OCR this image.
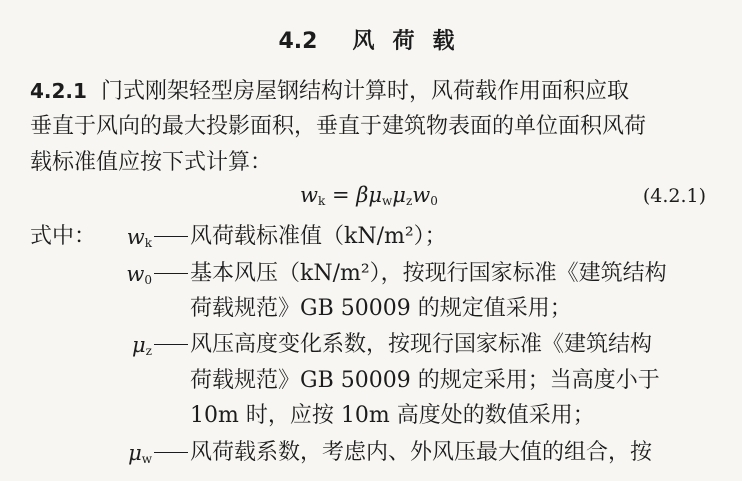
4.2 风 荷 载
4.2.1 门式刚架轻型房屋钢结构计算时，风荷载作用面积应取
垂直于风向的最大投影面积，垂直于建筑物表面的单位面积风荷
载标准值应按下式计算：
$w_k = \beta\mu_w\mu_zw_0$	(4.2.1)
式中：	$w_k$	风荷载标准值（kN/m²）；
$w_0$	基本风压（kN/m²），按现行国家标准《建筑结构
荷载规范》GB 50009 的规定值采用；
$\mu_z$	风压高度变化系数，按现行国家标准《建筑结构
荷载规范》GB 50009 的规定采用；当高度小于
10m 时，应按 10m 高度处的数值采用；
$\mu_w$	风荷载系数，考虑内、外风压最大值的组合，按
